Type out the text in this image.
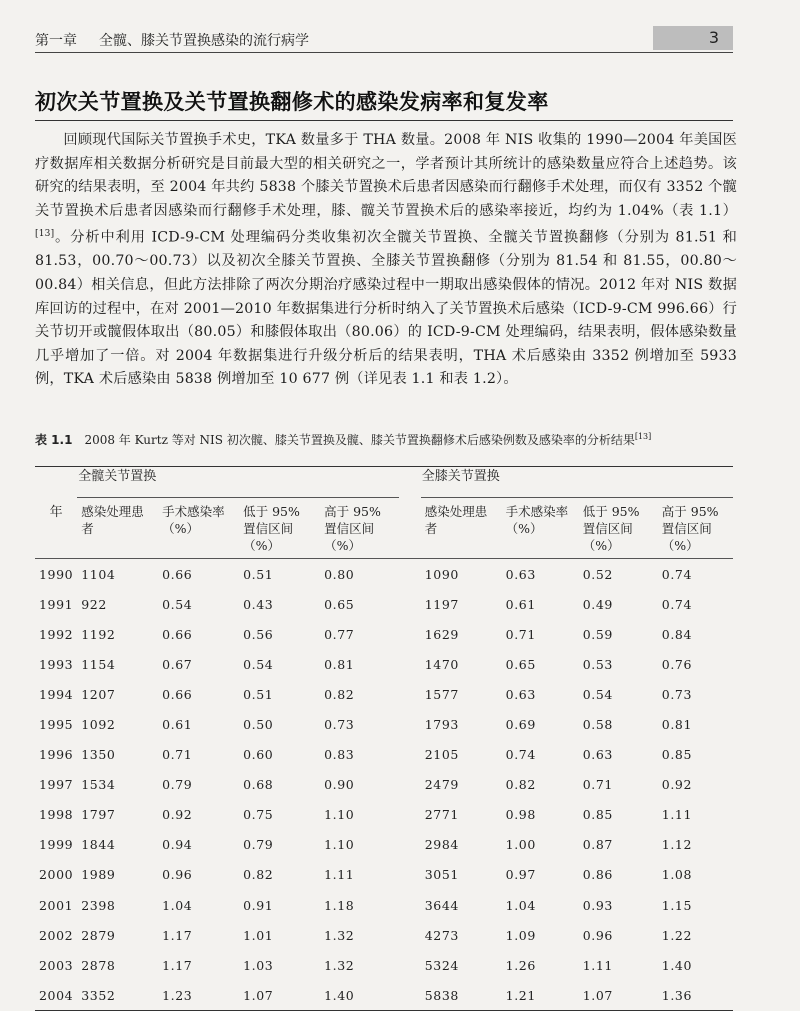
第一章 全髋、膝关节置换感染的流行病学	3
初次关节置换及关节置换翻修术的感染发病率和复发率

回顾现代国际关节置换手术史，TKA 数量多于 THA 数量。2008 年 NIS 收集的 1990—2004 年美国医疗数据库相关数据分析研究是目前最大型的相关研究之一，学者预计其所统计的感染数量应符合上述趋势。该研究的结果表明，至 2004 年共约 5838 个膝关节置换术后患者因感染而行翻修手术处理，而仅有 3352 个髋关节置换术后患者因感染而行翻修手术处理，膝、髋关节置换术后的感染率接近，均约为 1.04%（表 1.1）[13]。分析中利用 ICD-9-CM 处理编码分类收集初次全髋关节置换、全髋关节置换翻修（分别为 81.51 和 81.53，00.70～00.73）以及初次全膝关节置换、全膝关节置换翻修（分别为 81.54 和 81.55，00.80～00.84）相关信息，但此方法排除了两次分期治疗感染过程中一期取出感染假体的情况。2012 年对 NIS 数据库回访的过程中，在对 2001—2010 年数据集进行分析时纳入了关节置换术后感染（ICD-9-CM 996.66）行关节切开或髋假体取出（80.05）和膝假体取出（80.06）的 ICD-9-CM 处理编码，结果表明，假体感染数量几乎增加了一倍。对 2004 年数据集进行升级分析后的结果表明，THA 术后感染由 3352 例增加至 5933 例，TKA 术后感染由 5838 例增加至 10 677 例（详见表 1.1 和表 1.2）。

表 1.1 2008 年 Kurtz 等对 NIS 初次髋、膝关节置换及髋、膝关节置换翻修术后感染例数及感染率的分析结果[13]

年	全髋关节置换					全膝关节置换			
	感染处理患者	手术感染率（%）	低于 95% 置信区间（%）	高于 95% 置信区间（%）		感染处理患者	手术感染率（%）	低于 95% 置信区间（%）	高于 95% 置信区间（%）
1990	1104	0.66	0.51	0.80		1090	0.63	0.52	0.74
1991	922	0.54	0.43	0.65		1197	0.61	0.49	0.74
1992	1192	0.66	0.56	0.77		1629	0.71	0.59	0.84
1993	1154	0.67	0.54	0.81		1470	0.65	0.53	0.76
1994	1207	0.66	0.51	0.82		1577	0.63	0.54	0.73
1995	1092	0.61	0.50	0.73		1793	0.69	0.58	0.81
1996	1350	0.71	0.60	0.83		2105	0.74	0.63	0.85
1997	1534	0.79	0.68	0.90		2479	0.82	0.71	0.92
1998	1797	0.92	0.75	1.10		2771	0.98	0.85	1.11
1999	1844	0.94	0.79	1.10		2984	1.00	0.87	1.12
2000	1989	0.96	0.82	1.11		3051	0.97	0.86	1.08
2001	2398	1.04	0.91	1.18		3644	1.04	0.93	1.15
2002	2879	1.17	1.01	1.32		4273	1.09	0.96	1.22
2003	2878	1.17	1.03	1.32		5324	1.26	1.11	1.40
2004	3352	1.23	1.07	1.40		5838	1.21	1.07	1.36
